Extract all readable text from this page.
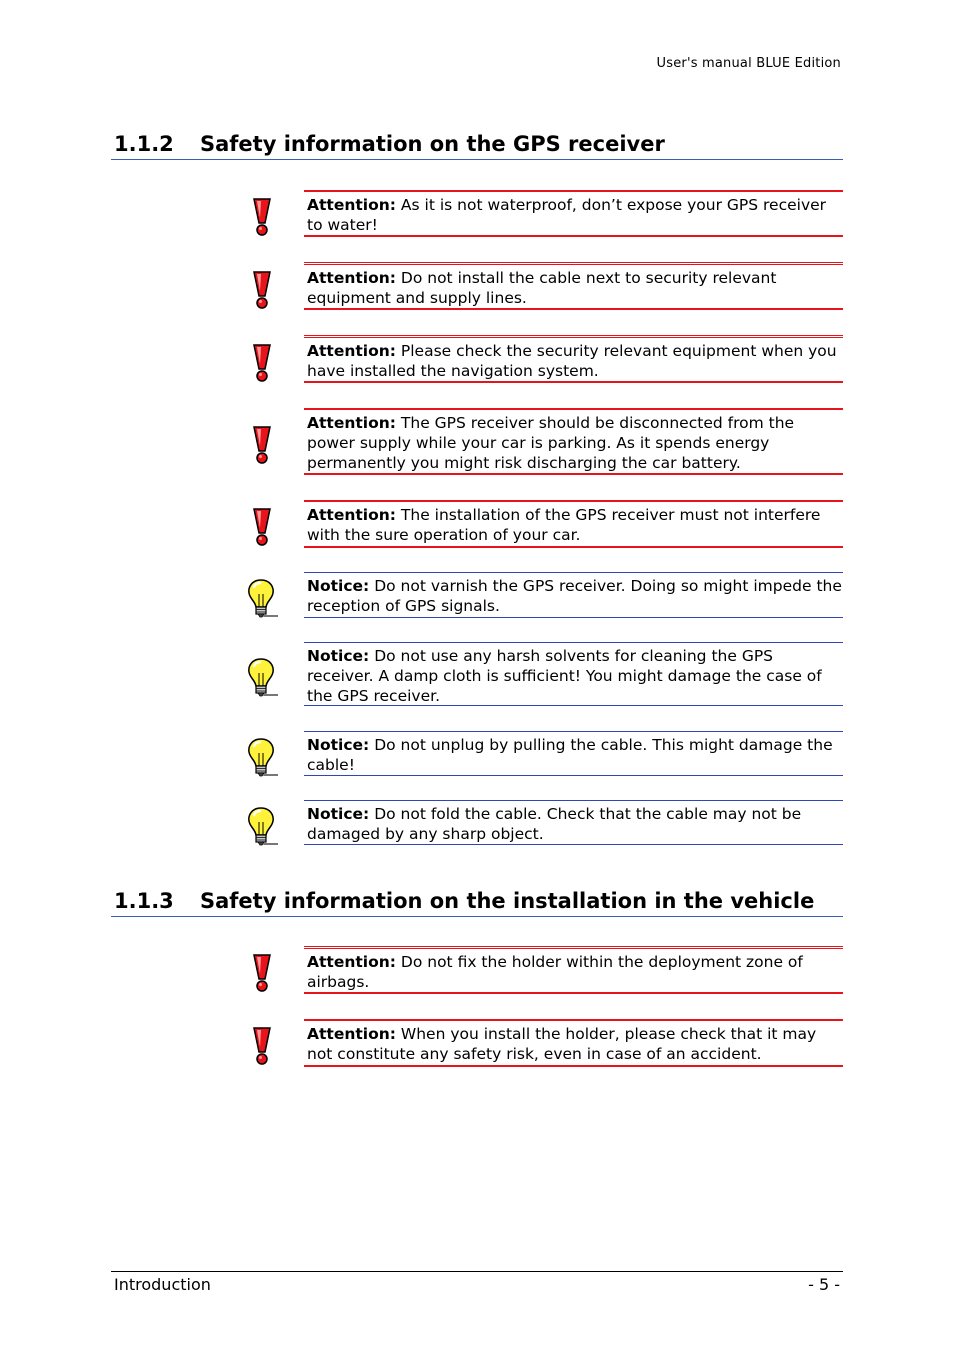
User's manual BLUE Edition
1.1.2 Safety information on the GPS receiver
Attention: As it is not waterproof, don’t expose your GPS receiver to water!
Attention: Do not install the cable next to security relevant equipment and supply lines.
Attention: Please check the security relevant equipment when you have installed the navigation system.
Attention: The GPS receiver should be disconnected from the power supply while your car is parking. As it spends energy permanently you might risk discharging the car battery.
Attention: The installation of the GPS receiver must not interfere with the sure operation of your car.
Notice: Do not varnish the GPS receiver. Doing so might impede the reception of GPS signals.
Notice: Do not use any harsh solvents for cleaning the GPS receiver. A damp cloth is sufficient! You might damage the case of the GPS receiver.
Notice: Do not unplug by pulling the cable. This might damage the cable!
Notice: Do not fold the cable. Check that the cable may not be damaged by any sharp object.
1.1.3 Safety information on the installation in the vehicle
Attention: Do not fix the holder within the deployment zone of airbags.
Attention: When you install the holder, please check that it may not constitute any safety risk, even in case of an accident.
Introduction	- 5 -
